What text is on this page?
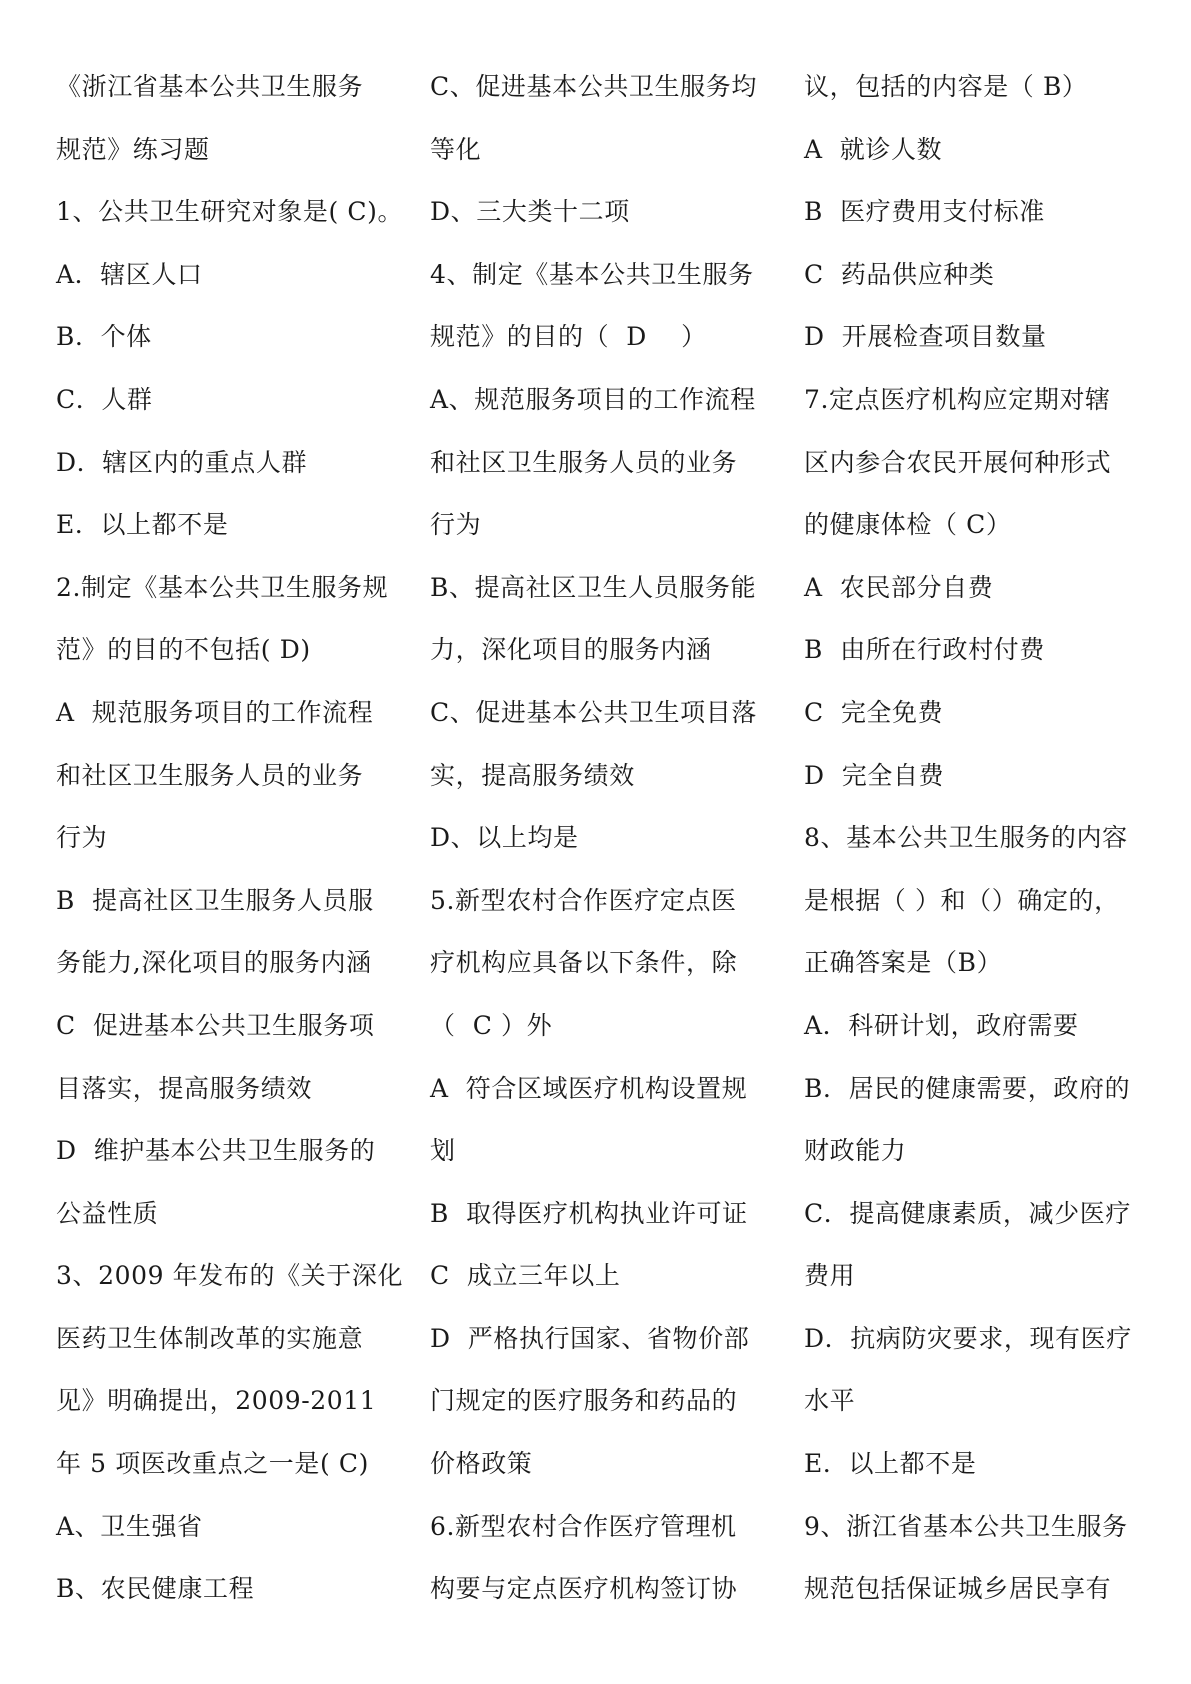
《浙江省基本公共卫生服务
规范》练习题
1、公共卫生研究对象是( C)。
A．辖区人口
B．个体
C．人群
D．辖区内的重点人群
E．以上都不是
2.制定《基本公共卫生服务规
范》的目的不包括( D)
A  规范服务项目的工作流程
和社区卫生服务人员的业务
行为
B  提高社区卫生服务人员服
务能力,深化项目的服务内涵
C  促进基本公共卫生服务项
目落实，提高服务绩效
D  维护基本公共卫生服务的
公益性质
3、2009 年发布的《关于深化
医药卫生体制改革的实施意
见》明确提出，2009-2011
年 5 项医改重点之一是( C)
A、卫生强省
B、农民健康工程
C、促进基本公共卫生服务均
等化
D、三大类十二项
4、制定《基本公共卫生服务
规范》的目的（  D    ）
A、规范服务项目的工作流程
和社区卫生服务人员的业务
行为
B、提高社区卫生人员服务能
力，深化项目的服务内涵
C、促进基本公共卫生项目落
实，提高服务绩效
D、以上均是
5.新型农村合作医疗定点医
疗机构应具备以下条件，除
（  C ）外
A  符合区域医疗机构设置规
划
B  取得医疗机构执业许可证
C  成立三年以上
D  严格执行国家、省物价部
门规定的医疗服务和药品的
价格政策
6.新型农村合作医疗管理机
构要与定点医疗机构签订协
议，包括的内容是（ B）
A  就诊人数
B  医疗费用支付标准
C  药品供应种类
D  开展检查项目数量
7.定点医疗机构应定期对辖
区内参合农民开展何种形式
的健康体检（ C）
A  农民部分自费
B  由所在行政村付费
C  完全免费
D  完全自费
8、基本公共卫生服务的内容
是根据（ ）和（）确定的，
正确答案是（B）
A．科研计划，政府需要
B．居民的健康需要，政府的
财政能力
C．提高健康素质，减少医疗
费用
D．抗病防灾要求，现有医疗
水平
E．以上都不是
9、浙江省基本公共卫生服务
规范包括保证城乡居民享有
